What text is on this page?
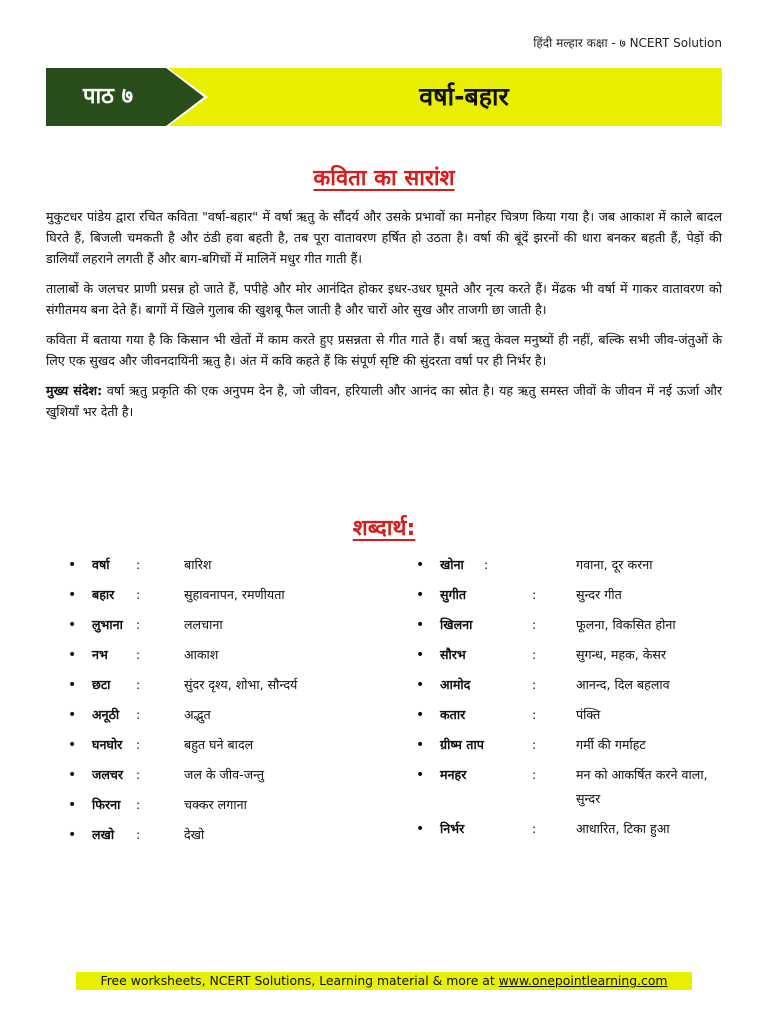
हिंदी मल्हार कक्षा - ७ NCERT Solution
पाठ ७	वर्षा-बहार
कविता का सारांश

मुकुटधर पांडेय द्वारा रचित कविता "वर्षा-बहार" में वर्षा ऋतु के सौंदर्य और उसके प्रभावों का मनोहर चित्रण किया गया है। जब आकाश में काले बादल घिरते हैं, बिजली चमकती है और ठंडी हवा बहती है, तब पूरा वातावरण हर्षित हो उठता है। वर्षा की बूंदें झरनों की धारा बनकर बहती हैं, पेड़ों की डालियाँ लहराने लगती हैं और बाग-बगिचों में मालिनें मधुर गीत गाती हैं।

तालाबों के जलचर प्राणी प्रसन्न हो जाते हैं, पपीहे और मोर आनंदित होकर इधर-उधर घूमते और नृत्य करते हैं। मेंढक भी वर्षा में गाकर वातावरण को संगीतमय बना देते हैं। बागों में खिले गुलाब की खुशबू फैल जाती है और चारों ओर सुख और ताजगी छा जाती है।

कविता में बताया गया है कि किसान भी खेतों में काम करते हुए प्रसन्नता से गीत गाते हैं। वर्षा ऋतु केवल मनुष्यों ही नहीं, बल्कि सभी जीव-जंतुओं के लिए एक सुखद और जीवनदायिनी ऋतु है। अंत में कवि कहते हैं कि संपूर्ण सृष्टि की सुंदरता वर्षा पर ही निर्भर है।

मुख्य संदेश: वर्षा ऋतु प्रकृति की एक अनुपम देन है, जो जीवन, हरियाली और आनंद का स्रोत है। यह ऋतु समस्त जीवों के जीवन में नई ऊर्जा और खुशियाँ भर देती है।

शब्दार्थ:
• वर्षा :	बारिश
• बहार :	सुहावनापन, रमणीयता
• लुभाना :	ललचाना
• नभ :	आकाश
• छटा :	सुंदर दृश्य, शोभा, सौन्दर्य
• अनूठी :	अद्भुत
• घनघोर :	बहुत घने बादल
• जलचर :	जल के जीव-जन्तु
• फिरना :	चक्कर लगाना
• लखो :	देखो
• खोना :	गवाना, दूर करना
• सुगीत	:	सुन्दर गीत
• खिलना	:	फूलना, विकसित होना
• सौरभ	:	सुगन्ध, महक, केसर
• आमोद	:	आनन्द, दिल बहलाव
• कतार	:	पंक्ति
• ग्रीष्म ताप	:	गर्मी की गर्माहट
• मनहर	:	मन को आकर्षित करने वाला, सुन्दर
• निर्भर	:	आधारित, टिका हुआ
Free worksheets, NCERT Solutions, Learning material & more at www.onepointlearning.com
